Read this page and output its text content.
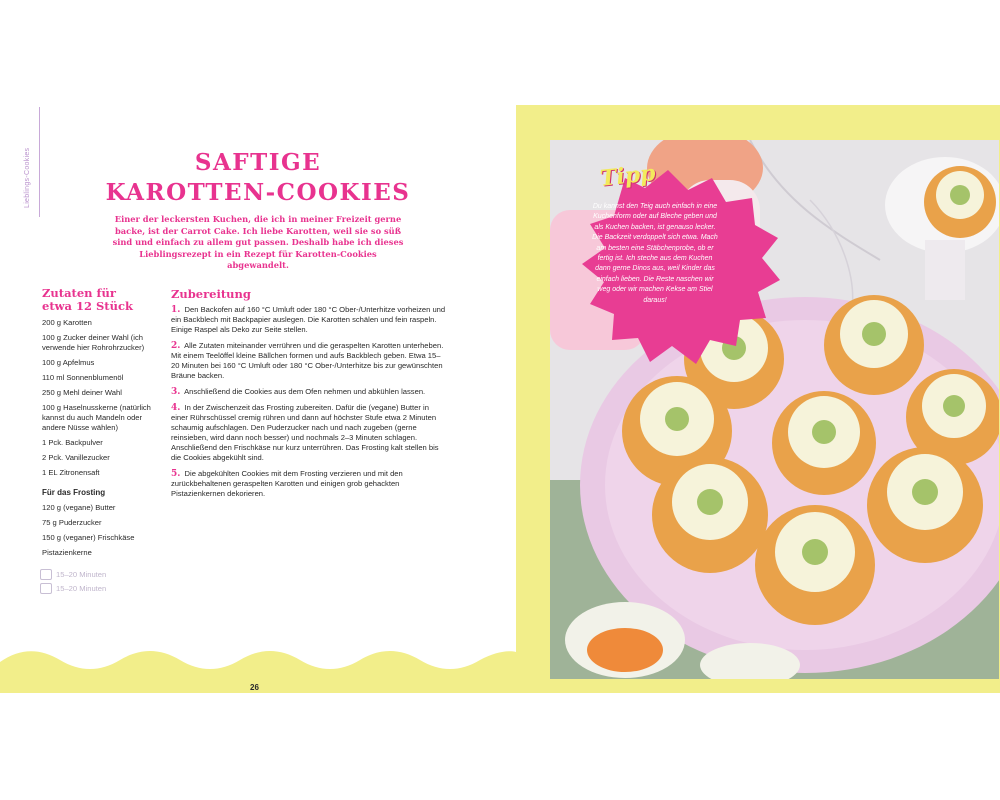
Lieblings-Cookies	SAFTIGE
KAROTTEN-COOKIES
Einer der leckersten Kuchen, die ich in meiner Freizeit gerne backe, ist der Carrot Cake. Ich liebe Karotten, weil sie so süß sind und einfach zu allem gut passen. Deshalb habe ich dieses Lieblingsrezept in ein Rezept für Karotten-Cookies abgewandelt.
Zutaten für
etwa 12 Stück
200 g Karotten
100 g Zucker deiner Wahl (ich verwende hier Rohrohrzucker)
100 g Apfelmus
110 ml Sonnenblumenöl
250 g Mehl deiner Wahl
100 g Haselnusskerne (natürlich kannst du auch Mandeln oder andere Nüsse wählen)
1 Pck. Backpulver
2 Pck. Vanillezucker
1 EL Zitronensaft
Für das Frosting
120 g (vegane) Butter
75 g Puderzucker
150 g (veganer) Frischkäse
Pistazienkerne
15–20 Minuten
15–20 Minuten
Zubereitung
1. Den Backofen auf 160 °C Umluft oder 180 °C Ober-/Unterhitze vorheizen und ein Backblech mit Backpapier auslegen. Die Karotten schälen und fein raspeln. Einige Raspel als Deko zur Seite stellen.
2. Alle Zutaten miteinander verrühren und die geraspelten Karotten unterheben. Mit einem Teelöffel kleine Bällchen formen und aufs Backblech geben. Etwa 15–20 Minuten bei 160 °C Umluft oder 180 °C Ober-/Unterhitze bis zur gewünschten Bräune backen.
3. Anschließend die Cookies aus dem Ofen nehmen und abkühlen lassen.
4. In der Zwischenzeit das Frosting zubereiten. Dafür die (vegane) Butter in einer Rührschüssel cremig rühren und dann auf höchster Stufe etwa 2 Minuten schaumig aufschlagen. Den Puderzucker nach und nach zugeben (gerne reinsieben, wird dann noch besser) und nochmals 2–3 Minuten schlagen. Anschließend den Frischkäse nur kurz unterrühren. Das Frosting kalt stellen bis die Cookies abgekühlt sind.
5. Die abgekühlten Cookies mit dem Frosting verzieren und mit den zurückbehaltenen geraspelten Karotten und einigen grob gehackten Pistazienkernen dekorieren.
26
Tipp
Du kannst den Teig auch einfach in eine Kuchenform oder auf Bleche geben und als Kuchen backen, ist genauso lecker. Die Backzeit verdoppelt sich etwa. Mach am besten eine Stäbchenprobe, ob er fertig ist. Ich steche aus dem Kuchen dann gerne Dinos aus, weil Kinder das einfach lieben. Die Reste naschen wir weg oder wir machen Kekse am Stiel daraus!
